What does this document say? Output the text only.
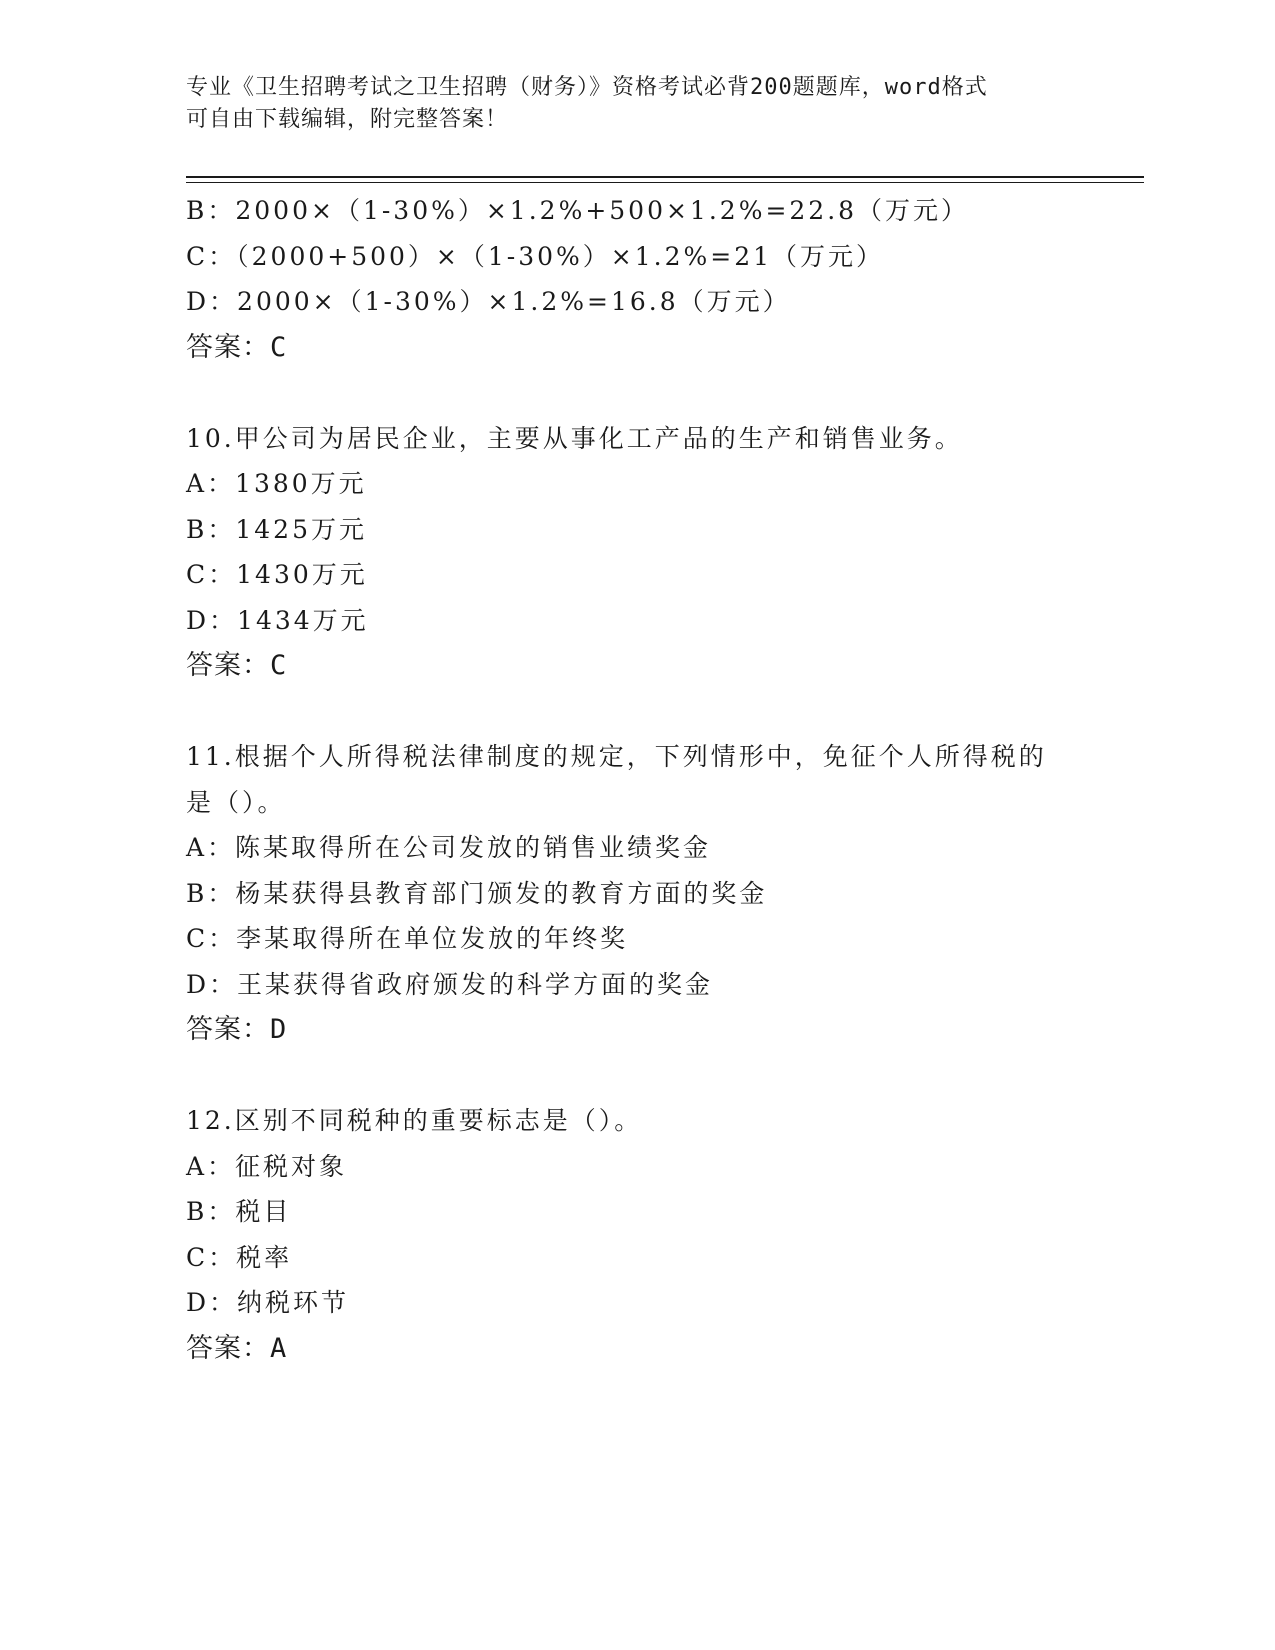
专业《卫生招聘考试之卫生招聘（财务）》资格考试必背200题题库，word格式
可自由下载编辑，附完整答案！
B：2000×（1-30%）×1.2%+500×1.2%=22.8（万元）
C：（2000+500）×（1-30%）×1.2%=21（万元）
D：2000×（1-30%）×1.2%=16.8（万元）
答案：C
10.甲公司为居民企业，主要从事化工产品的生产和销售业务。
A：1380万元
B：1425万元
C：1430万元
D：1434万元
答案：C
11.根据个人所得税法律制度的规定，下列情形中，免征个人所得税的
是（）。
A：陈某取得所在公司发放的销售业绩奖金
B：杨某获得县教育部门颁发的教育方面的奖金
C：李某取得所在单位发放的年终奖
D：王某获得省政府颁发的科学方面的奖金
答案：D
12.区别不同税种的重要标志是（）。
A：征税对象
B：税目
C：税率
D：纳税环节
答案：A
